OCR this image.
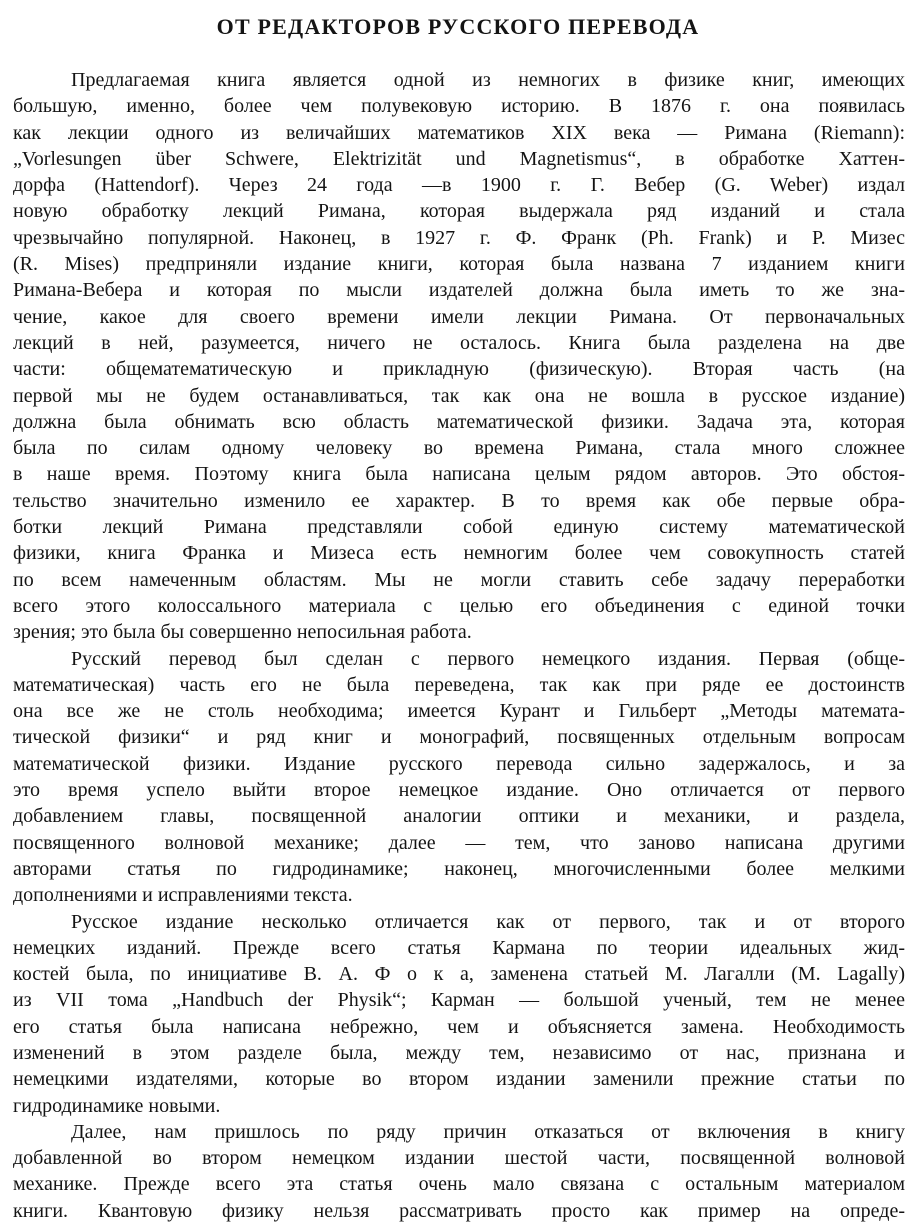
ОТ РЕДАКТОРОВ РУССКОГО ПЕРЕВОДА
Предлагаемая книга является одной из немногих в физике книг, имеющих
большую, именно, более чем полувековую историю. В 1876 г. она появилась
как лекции одного из величайших математиков XIX века — Римана (Riemann):
„Vorlesungen über Schwere, Elektrizität und Magnetismus“, в обработке Хаттен-
дорфа (Hattendorf). Через 24 года —в 1900 г. Г. Вебер (G. Weber) издал
новую обработку лекций Римана, которая выдержала ряд изданий и стала
чрезвычайно популярной. Наконец, в 1927 г. Ф. Франк (Ph. Frank) и Р. Мизес
(R. Mises) предприняли издание книги, которая была названа 7 изданием книги
Римана-Вебера и которая по мысли издателей должна была иметь то же зна-
чение, какое для своего времени имели лекции Римана. От первоначальных
лекций в ней, разумеется, ничего не осталось. Книга была разделена на две
части: общематематическую и прикладную (физическую). Вторая часть (на
первой мы не будем останавливаться, так как она не вошла в русское издание)
должна была обнимать всю область математической физики. Задача эта, которая
была по силам одному человеку во времена Римана, стала много сложнее
в наше время. Поэтому книга была написана целым рядом авторов. Это обстоя-
тельство значительно изменило ее характер. В то время как обе первые обра-
ботки лекций Римана представляли собой единую систему математической
физики, книга Франка и Мизеса есть немногим более чем совокупность статей
по всем намеченным областям. Мы не могли ставить себе задачу переработки
всего этого колоссального материала с целью его объединения с единой точки
зрения; это была бы совершенно непосильная работа.
Русский перевод был сделан с первого немецкого издания. Первая (обще-
математическая) часть его не была переведена, так как при ряде ее достоинств
она все же не столь необходима; имеется Курант и Гильберт „Методы математа-
тической физики“ и ряд книг и монографий, посвященных отдельным вопросам
математической физики. Издание русского перевода сильно задержалось, и за
это время успело выйти второе немецкое издание. Оно отличается от первого
добавлением главы, посвященной аналогии оптики и механики, и раздела,
посвященного волновой механике; далее — тем, что заново написана другими
авторами статья по гидродинамике; наконец, многочисленными более мелкими
дополнениями и исправлениями текста.
Русское издание несколько отличается как от первого, так и от второго
немецких изданий. Прежде всего статья Кармана по теории идеальных жид-
костей была, по инициативе В. А. Ф о к а, заменена статьей М. Лагалли (M. Lagally)
из VII тома „Handbuch der Physik“; Карман — большой ученый, тем не менее
его статья была написана небрежно, чем и объясняется замена. Необходимость
изменений в этом разделе была, между тем, независимо от нас, признана и
немецкими издателями, которые во втором издании заменили прежние статьи по
гидродинамике новыми.
Далее, нам пришлось по ряду причин отказаться от включения в книгу
добавленной во втором немецком издании шестой части, посвященной волновой
механике. Прежде всего эта статья очень мало связана с остальным материалом
книги. Квантовую физику нельзя рассматривать просто как пример на опреде-
